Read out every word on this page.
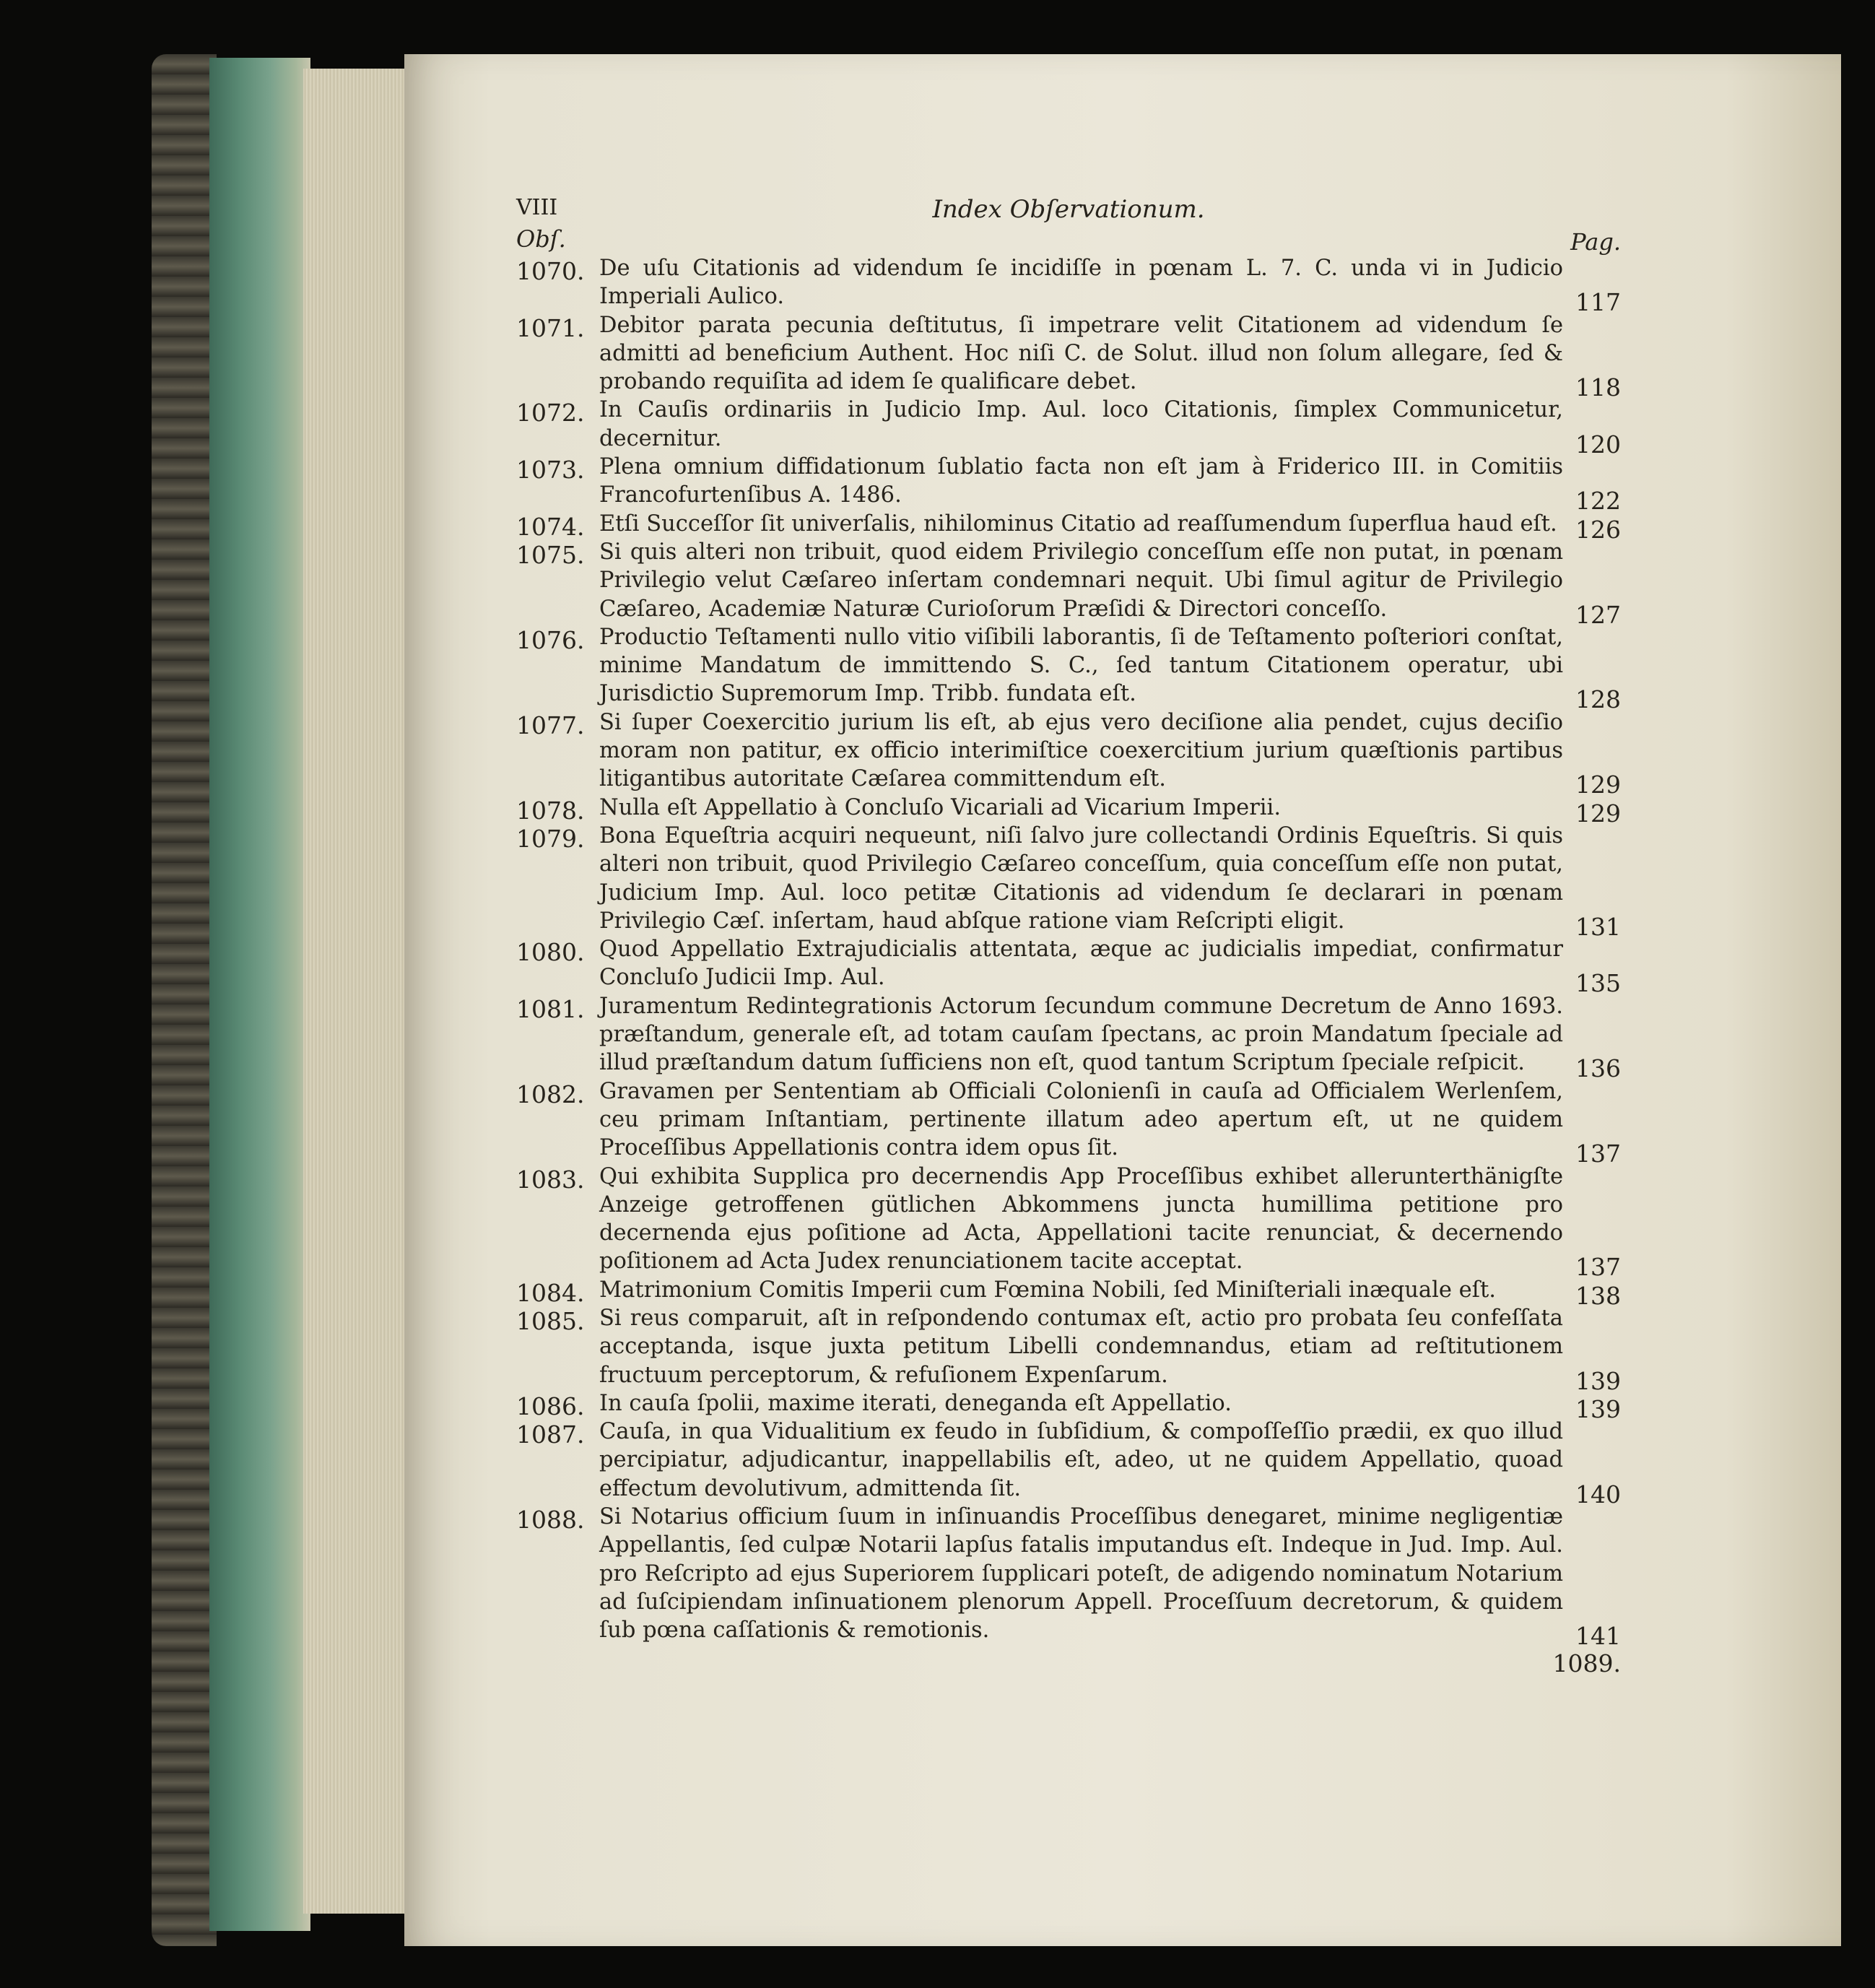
VIII	Index Obſervationum.
Obſ.	Pag.
1070. De uſu Citationis ad videndum ſe incidiſſe in pœnam L. 7. C. unda vi in Judicio Imperiali Aulico.	117
1071. Debitor parata pecunia deſtitutus, ſi impetrare velit Citationem ad videndum ſe admitti ad beneficium Authent. Hoc niſi C. de Solut. illud non ſolum allegare, ſed & probando requiſita ad idem ſe qualificare debet.	118
1072. In Cauſis ordinariis in Judicio Imp. Aul. loco Citationis, ſimplex Communicetur, decernitur.	120
1073. Plena omnium diffidationum ſublatio facta non eſt jam à Friderico III. in Comitiis Francofurtenſibus A. 1486.	122
1074. Etſi Succeſſor ſit univerſalis, nihilominus Citatio ad reaſſumendum ſuperflua haud eſt. 126
1075. Si quis alteri non tribuit, quod eidem Privilegio conceſſum eſſe non putat, in pœnam Privilegio velut Cæſareo inſertam condemnari nequit. Ubi ſimul agitur de Privilegio Cæſareo, Academiæ Naturæ Curioſorum Præſidi & Directori conceſſo.	127
1076. Productio Teſtamenti nullo vitio viſibili laborantis, ſi de Teſtamento poſteriori conſtat, minime Mandatum de immittendo S. C., ſed tantum Citationem operatur, ubi Jurisdictio Supremorum Imp. Tribb. fundata eſt.	128
1077. Si ſuper Coexercitio jurium lis eſt, ab ejus vero deciſione alia pendet, cujus deciſio moram non patitur, ex officio interimiſtice coexercitium jurium quæſtionis partibus litigantibus autoritate Cæſarea committendum eſt.	129
1078. Nulla eſt Appellatio à Concluſo Vicariali ad Vicarium Imperii.	129
1079. Bona Equeſtria acquiri nequeunt, niſi ſalvo jure collectandi Ordinis Equeſtris. Si quis alteri non tribuit, quod Privilegio Cæſareo conceſſum, quia conceſſum eſſe non putat, Judicium Imp. Aul. loco petitæ Citationis ad videndum ſe declarari in pœnam Privilegio Cæſ. inſertam, haud abſque ratione viam Reſcripti eligit.	131
1080. Quod Appellatio Extrajudicialis attentata, æque ac judicialis impediat, confirmatur Concluſo Judicii Imp. Aul.	135
1081. Juramentum Redintegrationis Actorum ſecundum commune Decretum de Anno 1693. præſtandum, generale eſt, ad totam cauſam ſpectans, ac proin Mandatum ſpeciale ad illud præſtandum datum ſufficiens non eſt, quod tantum Scriptum ſpeciale reſpicit. 136
1082. Gravamen per Sententiam ab Officiali Colonienſi in cauſa ad Officialem Werlenſem, ceu primam Inſtantiam, pertinente illatum adeo apertum eſt, ut ne quidem Proceſſibus Appellationis contra idem opus ſit.	137
1083. Qui exhibita Supplica pro decernendis App Proceſſibus exhibet allerunterthänigſte Anzeige getroffenen gütlichen Abkommens juncta humillima petitione pro decernenda ejus poſitione ad Acta, Appellationi tacite renunciat, & decernendo poſitionem ad Acta Judex renunciationem tacite acceptat.	137
1084. Matrimonium Comitis Imperii cum Fœmina Nobili, ſed Miniſteriali inæquale eſt.	138
1085. Si reus comparuit, aſt in reſpondendo contumax eſt, actio pro probata ſeu confeſſata acceptanda, isque juxta petitum Libelli condemnandus, etiam ad reſtitutionem fructuum perceptorum, & refuſionem Expenſarum.	139
1086. In cauſa ſpolii, maxime iterati, deneganda eſt Appellatio.	139
1087. Cauſa, in qua Vidualitium ex feudo in ſubſidium, & compoſſeſſio prædii, ex quo illud percipiatur, adjudicantur, inappellabilis eſt, adeo, ut ne quidem Appellatio, quoad effectum devolutivum, admittenda ſit.	140
1088. Si Notarius officium ſuum in inſinuandis Proceſſibus denegaret, minime negligentiæ Appellantis, ſed culpæ Notarii lapſus fatalis imputandus eſt. Indeque in Jud. Imp. Aul. pro Reſcripto ad ejus Superiorem ſupplicari poteſt, de adigendo nominatum Notarium ad ſuſcipiendam inſinuationem plenorum Appell. Proceſſuum decretorum, & quidem ſub pœna caſſationis & remotionis.	141
1089.
